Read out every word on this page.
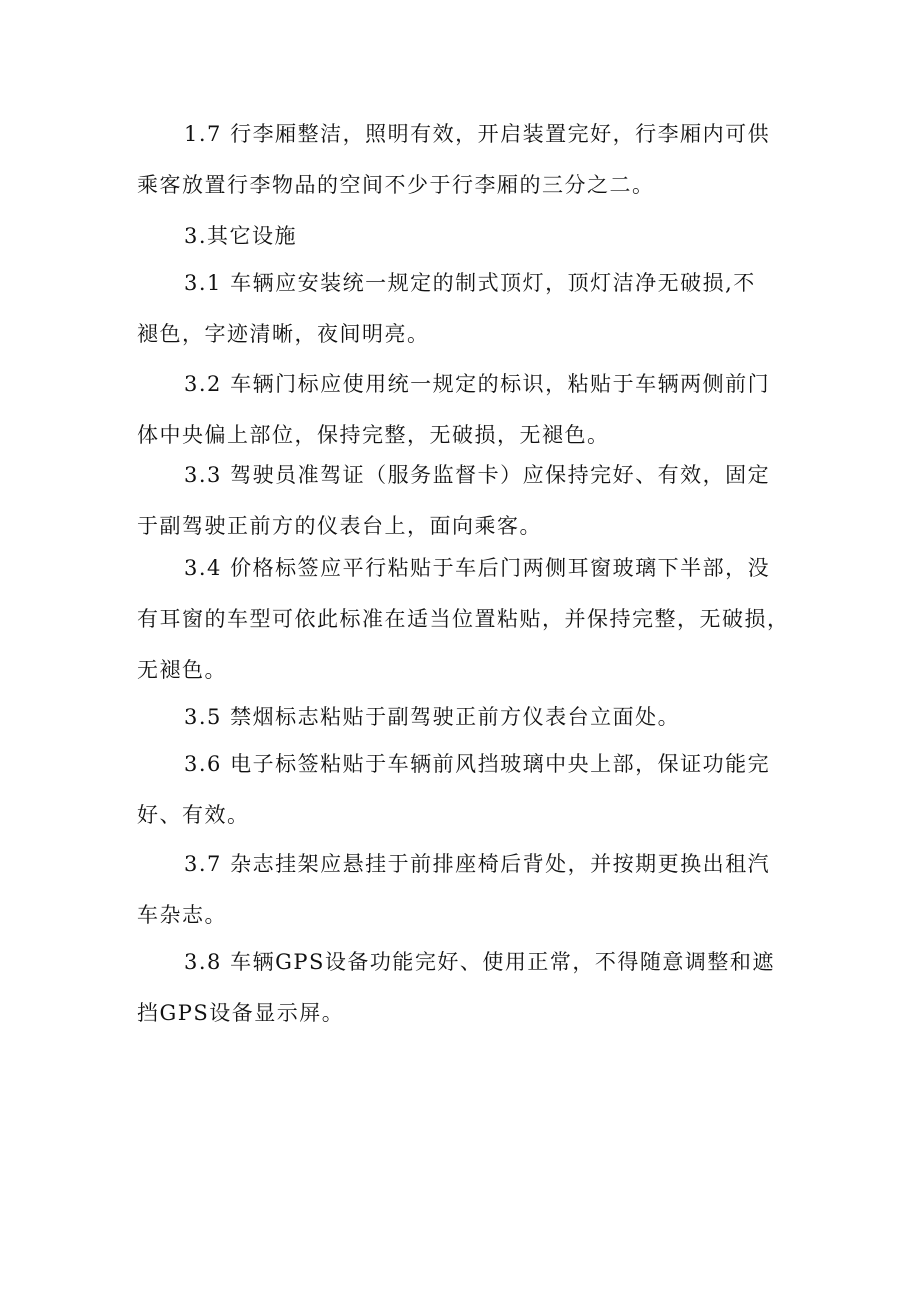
1.7 行李厢整洁，照明有效，开启装置完好，行李厢内可供
乘客放置行李物品的空间不少于行李厢的三分之二。
3.其它设施
3.1 车辆应安装统一规定的制式顶灯，顶灯洁净无破损,不
褪色，字迹清晰，夜间明亮。
3.2 车辆门标应使用统一规定的标识，粘贴于车辆两侧前门
体中央偏上部位，保持完整，无破损，无褪色。
3.3 驾驶员准驾证（服务监督卡）应保持完好、有效，固定
于副驾驶正前方的仪表台上，面向乘客。
3.4 价格标签应平行粘贴于车后门两侧耳窗玻璃下半部，没
有耳窗的车型可依此标准在适当位置粘贴，并保持完整，无破损，
无褪色。
3.5 禁烟标志粘贴于副驾驶正前方仪表台立面处。
3.6 电子标签粘贴于车辆前风挡玻璃中央上部，保证功能完
好、有效。
3.7 杂志挂架应悬挂于前排座椅后背处，并按期更换出租汽
车杂志。
3.8 车辆GPS设备功能完好、使用正常，不得随意调整和遮
挡GPS设备显示屏。
